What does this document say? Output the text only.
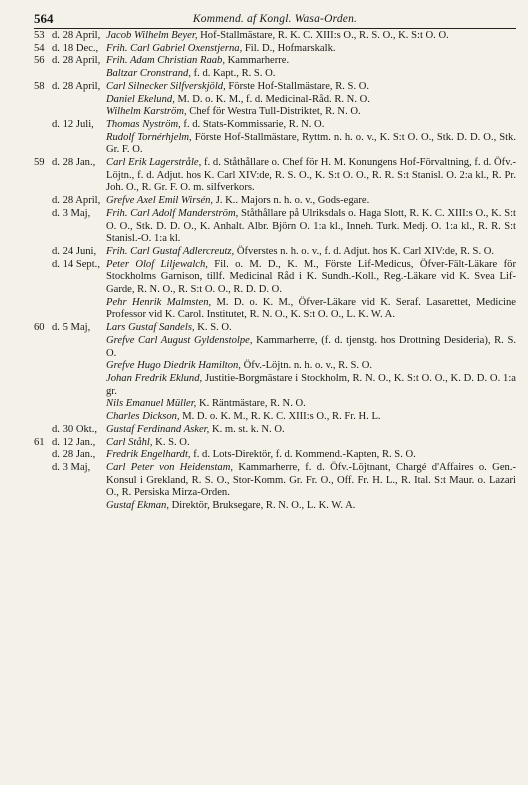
564	Kommend. af Kongl. Wasa-Orden.
53 d. 28 April, Jacob Wilhelm Beyer, Hof-Stallmästare, R. K. C. XIII:s O., R. S. O., K. S:t O. O.
54 d. 18 Dec., Frih. Carl Gabriel Oxenstjerna, Fil. D., Hofmarskalk.
56 d. 28 April, Frih. Adam Christian Raab, Kammarherre.
Baltzar Cronstrand, f. d. Kapt., R. S. O.
58 d. 28 April, Carl Silnecker Silfverskjöld, Förste Hof-Stallmästare, R. S. O.
Daniel Ekelund, M. D. o. K. M., f. d. Medicinal-Råd. R. N. O.
Wilhelm Karström, Chef för Westra Tull-Distriktet, R. N. O.
d. 12 Juli,	Thomas Nyström, f. d. Stats-Kommissarie, R. N. O.
Rudolf Tornérhjelm, Förste Hof-Stallmästare, Ryttm. n. h. o. v., K. S:t O. O., Stk. D. D. O., Stk. Gr. F. O.
59 d. 28 Jan.,	Carl Erik Lagerstråle, f. d. Ståthållare o. Chef för H. M. Konungens Hof-Förvaltning, f. d. Öfv.-Löjtn., f. d. Adjut. hos K. Carl XIV:de, R. S. O., K. S:t O. O., R. R. S:t Stanisl. O. 2:a kl., R. Pr. Joh. O., R. Gr. F. O. m. silfverkors.
d. 28 April, Grefve Axel Emil Wirsén, J. K.. Majors n. h. o. v., Gods-egare.
d. 3 Maj,	Frih. Carl Adolf Manderström, Ståthållare på Ulriksdals o. Haga Slott, R. K. C. XIII:s O., K. S:t O. O., Stk. D. D. O., K. Anhalt. Albr. Björn O. 1:a kl., Inneh. Turk. Medj. O. 1:a kl., R. R. S:t Stanisl.-O. 1:a kl.
d. 24 Juni, Frih. Carl Gustaf Adlercreutz, Öfverstes n. h. o. v., f. d. Adjut. hos K. Carl XIV:de, R. S. O.
d. 14 Sept., Peter Olof Liljewalch, Fil. o. M. D., K. M., Förste Lif-Medicus, Öfver-Fält-Läkare för Stockholms Garnison, tillf. Medicinal Råd i K. Sundh.-Koll., Reg.-Läkare vid K. Svea Lif-Garde, R. N. O., R. S:t O. O., R. D. D. O.
Pehr Henrik Malmsten, M. D. o. K. M., Öfver-Läkare vid K. Seraf. Lasarettet, Medicine Professor vid K. Carol. Institutet, R. N. O., K. S:t O. O., L. K. W. A.
60 d. 5 Maj,	Lars Gustaf Sandels, K. S. O.
Grefve Carl August Gyldenstolpe, Kammarherre, (f. d. tjenstg. hos Drottning Desideria), R. S. O.
Grefve Hugo Diedrik Hamilton, Öfv.-Löjtn. n. h. o. v., R. S. O.
Johan Fredrik Eklund, Justitie-Borgmästare i Stockholm, R. N. O., K. S:t O. O., K. D. D. O. 1:a gr.
Nils Emanuel Müller, K. Räntmästare, R. N. O.
Charles Dickson, M. D. o. K. M., R. K. C. XIII:s O., R. Fr. H. L.
d. 30 Okt., Gustaf Ferdinand Asker, K. m. st. k. N. O.
61 d. 12 Jan.,	Carl Ståhl, K. S. O.
d. 28 Jan.,	Fredrik Engelhardt, f. d. Lots-Direktör, f. d. Kommend.-Kapten, R. S. O.
d. 3 Maj,	Carl Peter von Heidenstam, Kammarherre, f. d. Öfv.-Löjtnant, Chargé d'Affaires o. Gen.-Konsul i Grekland, R. S. O., Stor-Komm. Gr. Fr. O., Off. Fr. H. L., R. Ital. S:t Maur. o. Lazari O., R. Persiska Mirza-Orden.
Gustaf Ekman, Direktör, Bruksegare, R. N. O., L. K. W. A.
